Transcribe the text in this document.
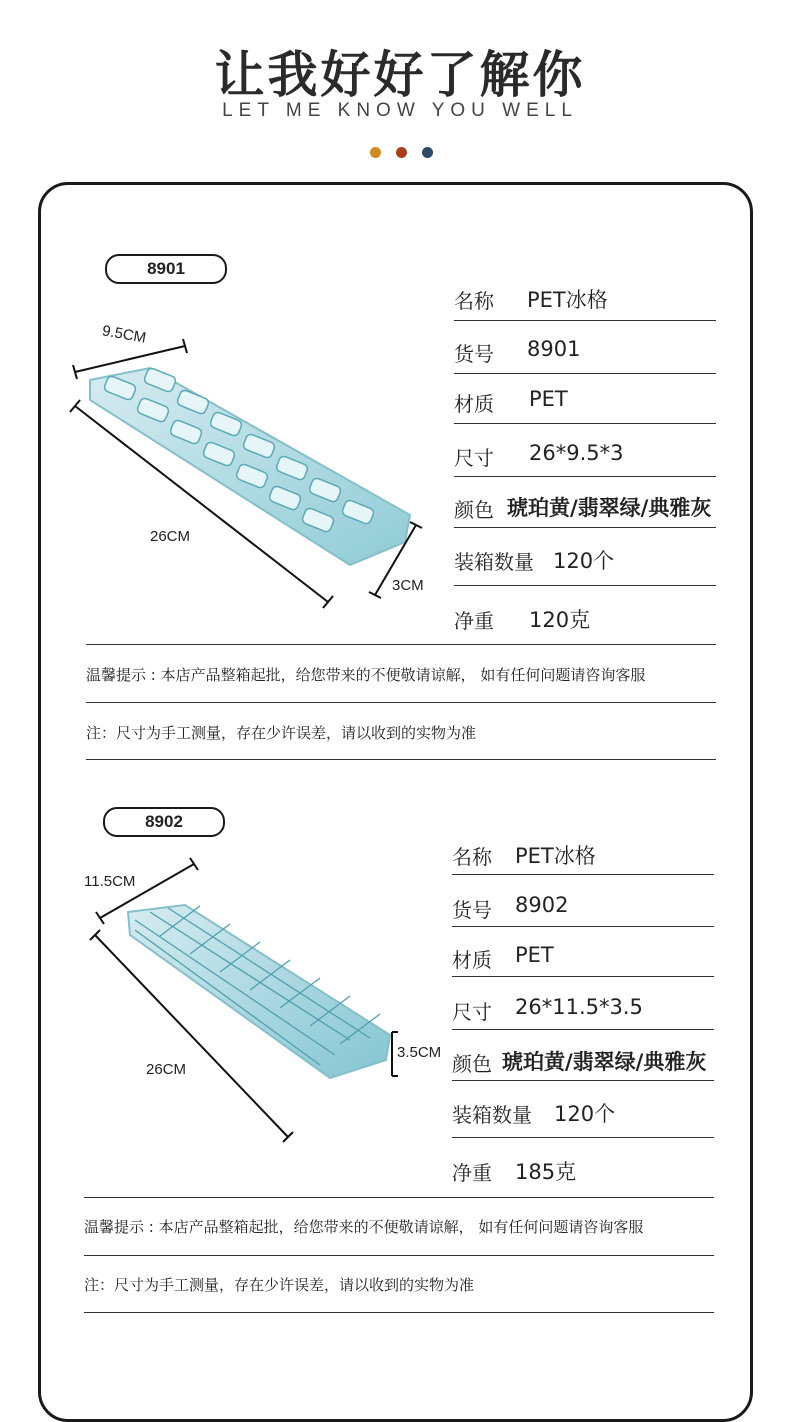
让我好好了解你
LET ME KNOW YOU WELL
8901
9.5CM
26CM
3CM
名称 PET冰格
货号 8901
材质 PET
尺寸 26*9.5*3
颜色 琥珀黄/翡翠绿/典雅灰
装箱数量 120个
净重 120克
温馨提示 : 本店产品整箱起批，给您带来的不便敬请谅解， 如有任何问题请咨询客服
注：尺寸为手工测量，存在少许误差，请以收到的实物为准
8902
11.5CM
26CM
3.5CM
名称 PET冰格
货号 8902
材质 PET
尺寸 26*11.5*3.5
颜色 琥珀黄/翡翠绿/典雅灰
装箱数量 120个
净重 185克
温馨提示 : 本店产品整箱起批，给您带来的不便敬请谅解， 如有任何问题请咨询客服
注：尺寸为手工测量，存在少许误差，请以收到的实物为准
